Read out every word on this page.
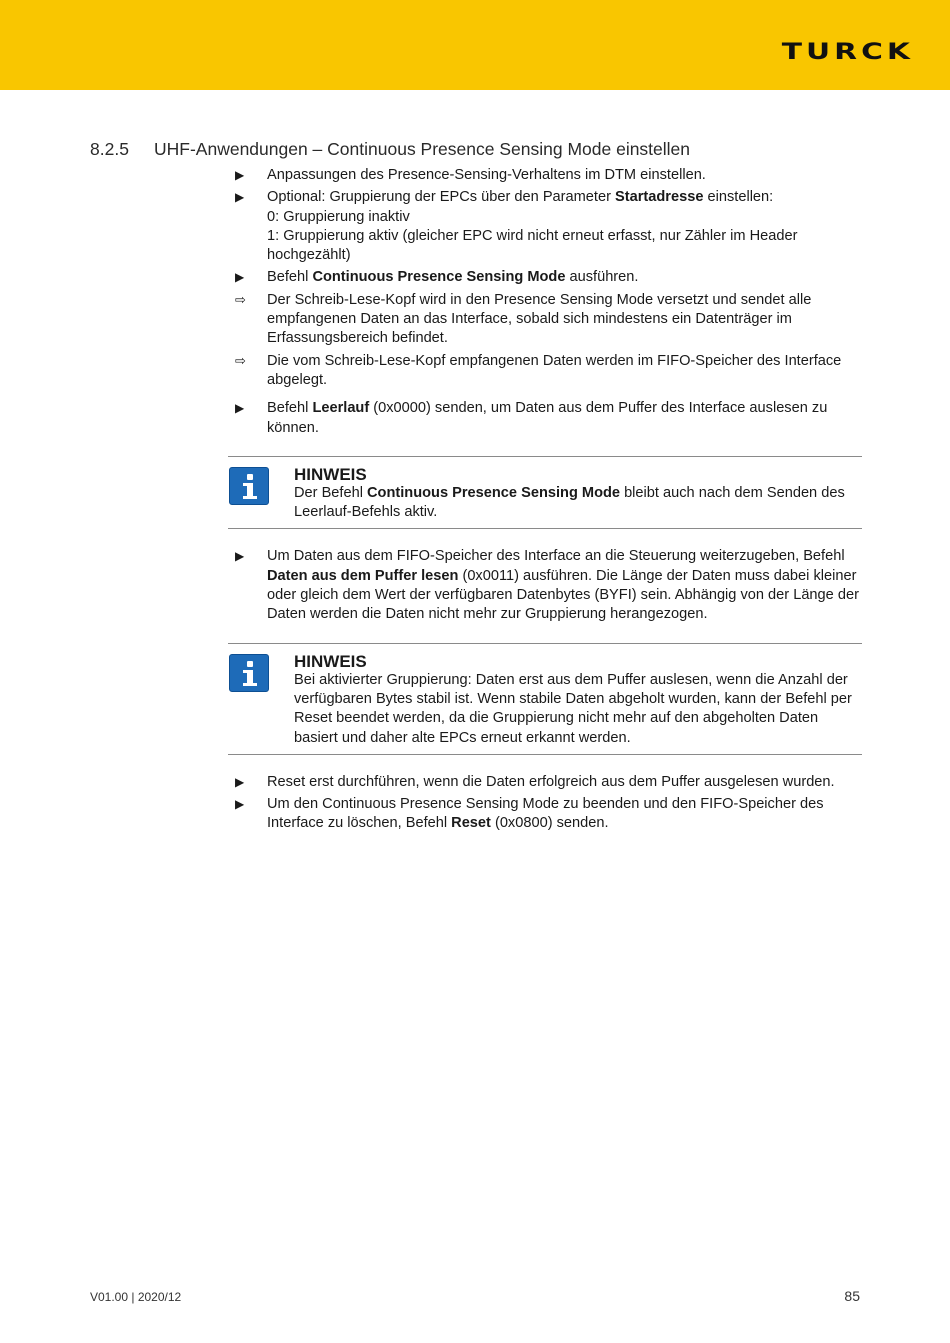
TURCK
8.2.5 UHF-Anwendungen – Continuous Presence Sensing Mode einstellen
▶	Anpassungen des Presence-Sensing-Verhaltens im DTM einstellen.
▶	Optional: Gruppierung der EPCs über den Parameter Startadresse einstellen:
0: Gruppierung inaktiv
1: Gruppierung aktiv (gleicher EPC wird nicht erneut erfasst, nur Zähler im Header hochgezählt)
▶	Befehl Continuous Presence Sensing Mode ausführen.
⇨	Der Schreib-Lese-Kopf wird in den Presence Sensing Mode versetzt und sendet alle empfangenen Daten an das Interface, sobald sich mindestens ein Datenträger im Erfassungsbereich befindet.
⇨	Die vom Schreib-Lese-Kopf empfangenen Daten werden im FIFO-Speicher des Interface abgelegt.
▶	Befehl Leerlauf (0x0000) senden, um Daten aus dem Puffer des Interface auslesen zu können.
HINWEIS
Der Befehl Continuous Presence Sensing Mode bleibt auch nach dem Senden des Leerlauf-Befehls aktiv.
▶	Um Daten aus dem FIFO-Speicher des Interface an die Steuerung weiterzugeben, Befehl Daten aus dem Puffer lesen (0x0011) ausführen. Die Länge der Daten muss dabei kleiner oder gleich dem Wert der verfügbaren Datenbytes (BYFI) sein. Abhängig von der Länge der Daten werden die Daten nicht mehr zur Gruppierung herangezogen.
HINWEIS
Bei aktivierter Gruppierung: Daten erst aus dem Puffer auslesen, wenn die Anzahl der verfügbaren Bytes stabil ist. Wenn stabile Daten abgeholt wurden, kann der Befehl per Reset beendet werden, da die Gruppierung nicht mehr auf den abgeholten Daten basiert und daher alte EPCs erneut erkannt werden.
▶	Reset erst durchführen, wenn die Daten erfolgreich aus dem Puffer ausgelesen wurden.
▶	Um den Continuous Presence Sensing Mode zu beenden und den FIFO-Speicher des Interface zu löschen, Befehl Reset (0x0800) senden.
V01.00 | 2020/12	85
